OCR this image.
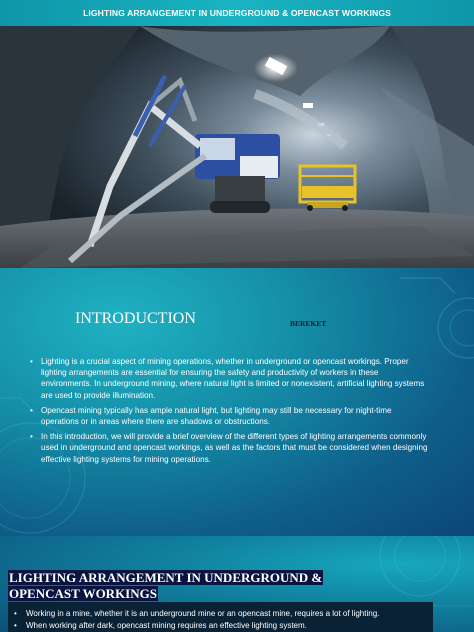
LIGHTING ARRANGEMENT IN UNDERGROUND & OPENCAST WORKINGS
INTRODUCTION	BEREKET
• Lighting is a crucial aspect of mining operations, whether in underground or opencast workings. Proper lighting arrangements are essential for ensuring the safety and productivity of workers in these environments. In underground mining, where natural light is limited or nonexistent, artificial lighting systems are used to provide illumination.
• Opencast mining typically has ample natural light, but lighting may still be necessary for night-time operations or in areas where there are shadows or obstructions.
• In this introduction, we will provide a brief overview of the different types of lighting arrangements commonly used in underground and opencast workings, as well as the factors that must be considered when designing effective lighting systems for mining operations.
LIGHTING ARRANGEMENT IN UNDERGROUND &
OPENCAST WORKINGS
• Working in a mine, whether it is an underground mine or an opencast mine, requires a lot of lighting.
• When working after dark, opencast mining requires an effective lighting system.
